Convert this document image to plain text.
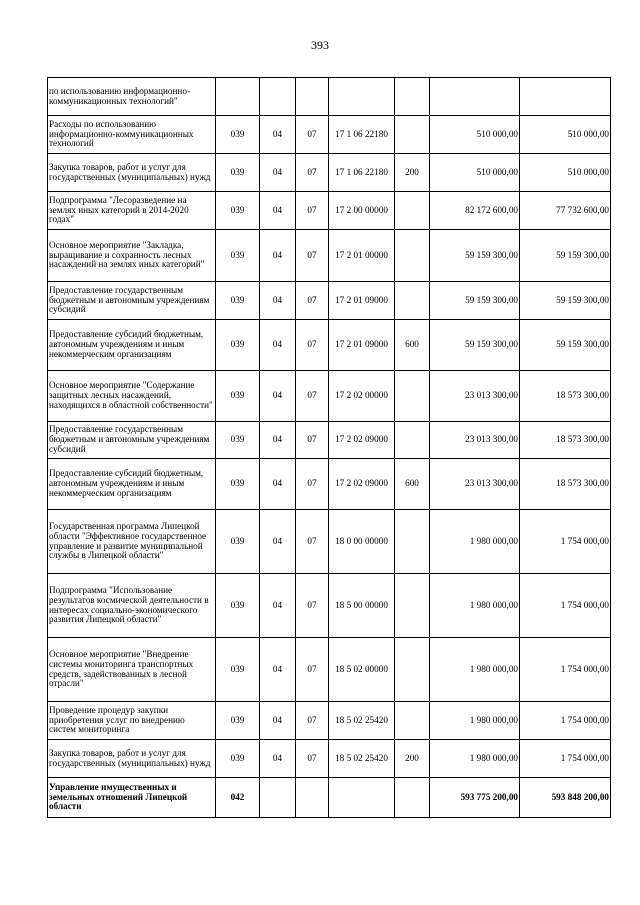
393
по использованию информационно-коммуникационных технологий"							
Расходы по использованию информационно-коммуникационных технологий	039	04	07	17 1 06 22180		510 000,00	510 000,00
Закупка товаров, работ и услуг для государственных (муниципальных) нужд	039	04	07	17 1 06 22180	200	510 000,00	510 000,00
Подпрограмма "Лесоразведение на землях иных категорий в 2014-2020 годах"	039	04	07	17 2 00 00000		82 172 600,00	77 732 600,00
Основное мероприятие "Закладка, выращивание и сохранность лесных насаждений на землях иных категорий"	039	04	07	17 2 01 00000		59 159 300,00	59 159 300,00
Предоставление государственным бюджетным и автономным учреждениям субсидий	039	04	07	17 2 01 09000		59 159 300,00	59 159 300,00
Предоставление субсидий бюджетным, автономным учреждениям и иным некоммерческим организациям	039	04	07	17 2 01 09000	600	59 159 300,00	59 159 300,00
Основное мероприятие "Содержание защитных лесных насаждений, находящихся в областной собственности"	039	04	07	17 2 02 00000		23 013 300,00	18 573 300,00
Предоставление государственным бюджетным и автономным учреждениям субсидий	039	04	07	17 2 02 09000		23 013 300,00	18 573 300,00
Предоставление субсидий бюджетным, автономным учреждениям и иным некоммерческим организациям	039	04	07	17 2 02 09000	600	23 013 300,00	18 573 300,00
Государственная программа Липецкой области "Эффективное государственное управление и развитие муниципальной службы в Липецкой области"	039	04	07	18 0 00 00000		1 980 000,00	1 754 000,00
Подпрограмма "Использование результатов космической деятельности в интересах социально-экономического развития Липецкой области"	039	04	07	18 5 00 00000		1 980 000,00	1 754 000,00
Основное мероприятие "Внедрение системы мониторинга транспортных средств, задействованных в лесной отрасли"	039	04	07	18 5 02 00000		1 980 000,00	1 754 000,00
Проведение процедур закупки приобретения услуг по внедрению систем мониторинга	039	04	07	18 5 02 25420		1 980 000,00	1 754 000,00
Закупка товаров, работ и услуг для государственных (муниципальных) нужд	039	04	07	18 5 02 25420	200	1 980 000,00	1 754 000,00
Управление имущественных и земельных отношений Липецкой области	042					593 775 200,00	593 848 200,00
